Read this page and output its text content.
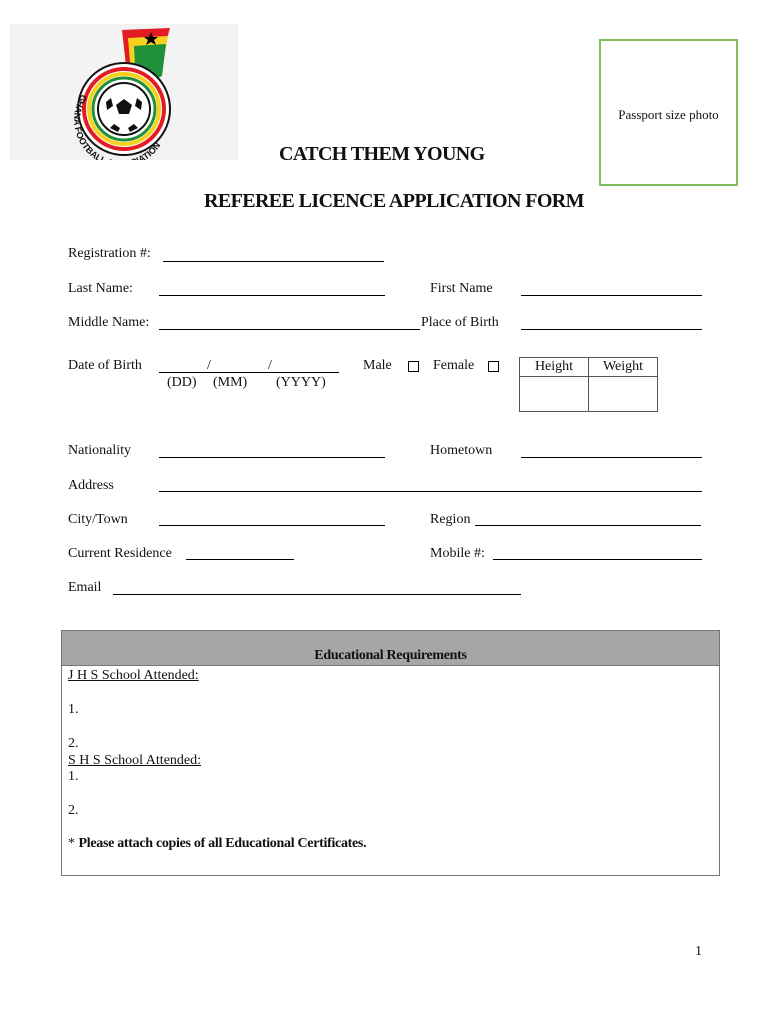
GHANA FOOTBAL ATION
Passport size photo
CATCH THEM YOUNG
REFEREE LICENCE APPLICATION FORM
Registration #:
Last Name:	First Name
Middle Name:	Place of Birth
Date of Birth	/	/
(DD) (MM) (YYYY)
Male	Female	Height	Weight

Nationality	Hometown
Address
City/Town	Region
Current Residence	Mobile #:
Email
Educational Requirements
J H S School Attended:
1.
2.
S H S School Attended:
1.
2.
* Please attach copies of all Educational Certificates.
1
